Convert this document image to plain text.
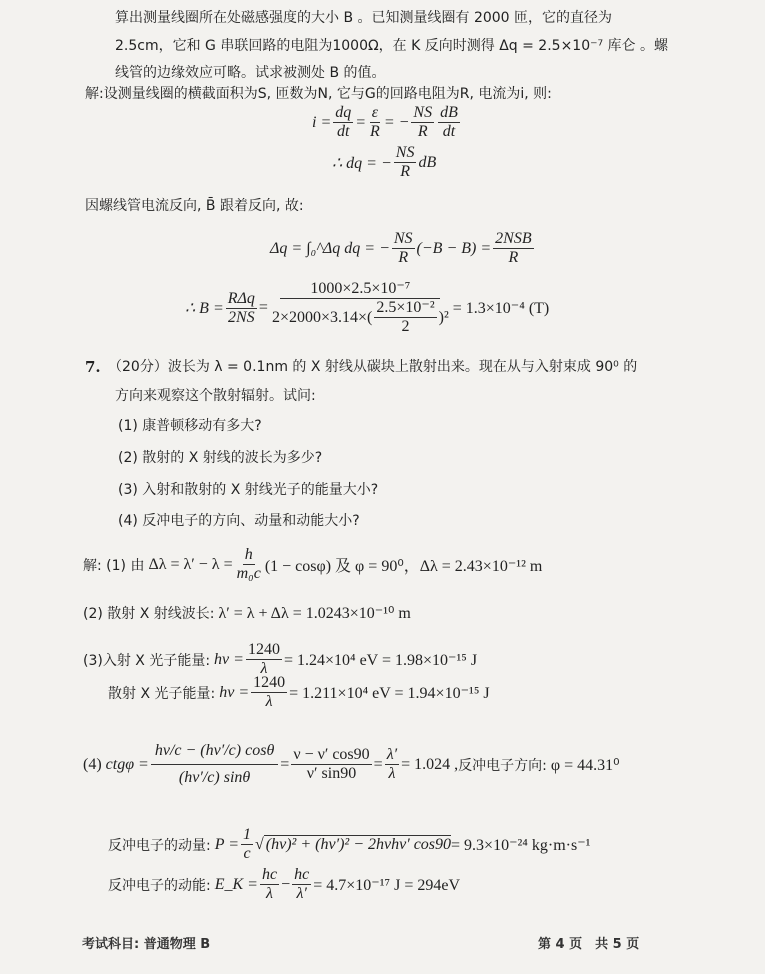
算出测量线圈所在处磁感强度的大小 B 。已知测量线圈有 2000 匝，它的直径为
2.5cm，它和 G 串联回路的电阻为1000Ω，在 K 反向时测得 Δq = 2.5×10⁻⁷ 库仑 。螺
线管的边缘效应可略。试求被测处 B 的值。
解:设测量线圈的横截面积为S, 匝数为N, 它与G的回路电阻为R, 电流为i, 则:
$i = \frac{dq}{dt} = \frac{\varepsilon}{R}$ = − $\frac{NS}{R} \frac{dB}{dt}$
∴ dq = − $\frac{NS}{R}$ dB
因螺线管电流反向, B̄ 跟着反向, 故:
Δq = ∫₀^Δq dq = − $\frac{NS}{R} (-B - B) = \frac{\text{2NSB}}{R}$
∴ $B = \frac{\text{RΔq}}{2NS} = \frac{\text{1000×2.5×10⁻⁷}}{2\times 2000\times 3.14\times( \frac{\text{2.5×10⁻²}}{2} )^2} = 1.3\times 10^{-4}$ (T)
7. （20分）波长为 λ = 0.1nm 的 X 射线从碳块上散射出来。现在从与入射束成 90⁰ 的
方向来观察这个散射辐射。试问:
(1) 康普顿移动有多大?
(2) 散射的 X 射线的波长为多少?
(3) 入射和散射的 X 射线光子的能量大小?
(4) 反冲电子的方向、动量和动能大小?
解: (1) 由
$\Delta\lambda = \lambda' - \lambda = \frac{h}{\text{m₀c}} (1 - \cos\varphi)$ 及 φ = 90⁰，Δλ = 2.43×10⁻¹² m
(2) 散射 X 射线波长:
λ′ = λ + Δλ = 1.0243×10⁻¹⁰ m
(3)入射 X 光子能量:
$h\nu = \frac{1240}{\lambda} = 1.24\times 10^4$ eV = 1.98×10⁻¹⁵ J
散射 X 光子能量:
$h\nu = \frac{1240}{\lambda} = 1.211\times 10^4$ eV = 1.94×10⁻¹⁵ J
(4)
$ctg\varphi = \frac{h\nu/c - (h\nu'/c) \cos\theta}{(h\nu'/c) \sin\theta} = \frac{\nu - \nu' \cos 90}{\nu' \sin 90} = \frac{\lambda'}{\lambda} = 1.024$ , 反冲电子方向:
φ = 44.31⁰
反冲电子的动量:
$P = \frac{1}{c}$ √ (hν)² + (hν′)² − 2hνhν′ cos90 = 9.3×10⁻²⁴ kg·m·s⁻¹
反冲电子的动能:
E_K = $\frac{hc}{\lambda} - \frac{hc}{\lambda'} = 4.7\times 10^{-17}$ J = 294eV
考试科目: 普通物理 B	第 4 页　共 5 页
